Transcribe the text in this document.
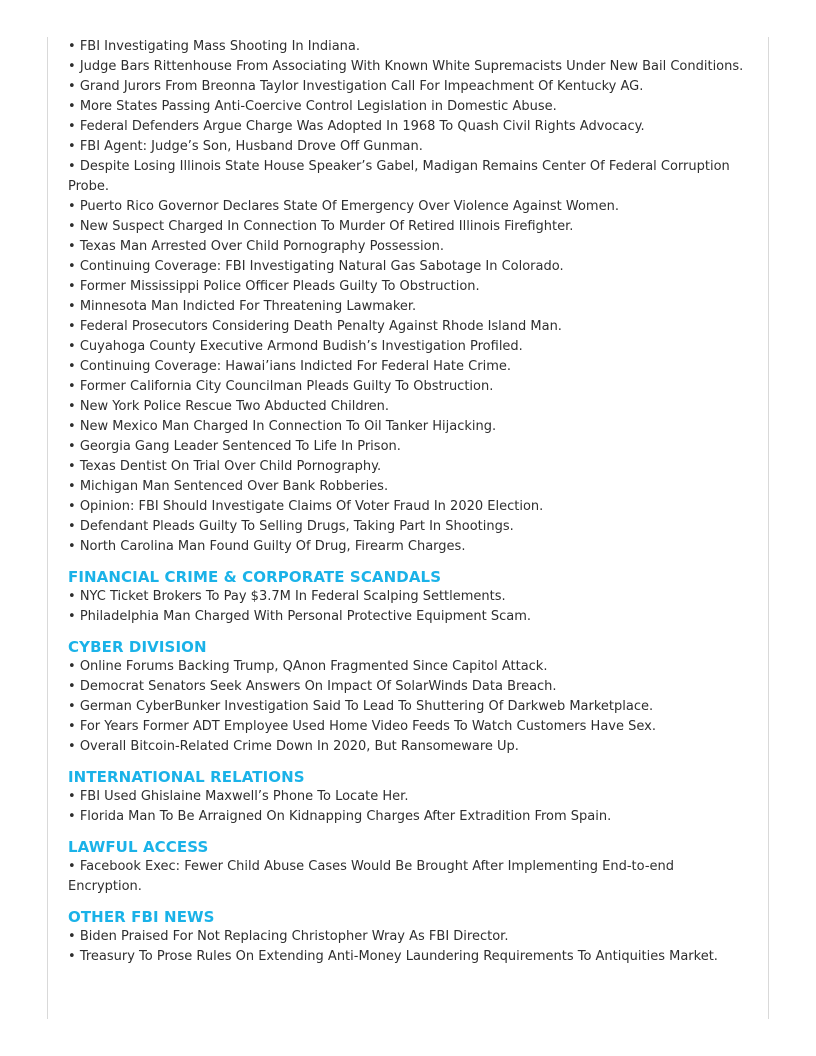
• FBI Investigating Mass Shooting In Indiana.

• Judge Bars Rittenhouse From Associating With Known White Supremacists Under New Bail Conditions.

• Grand Jurors From Breonna Taylor Investigation Call For Impeachment Of Kentucky AG.

• More States Passing Anti-Coercive Control Legislation in Domestic Abuse.

• Federal Defenders Argue Charge Was Adopted In 1968 To Quash Civil Rights Advocacy.

• FBI Agent: Judge’s Son, Husband Drove Off Gunman.

• Despite Losing Illinois State House Speaker’s Gabel, Madigan Remains Center Of Federal Corruption Probe.

• Puerto Rico Governor Declares State Of Emergency Over Violence Against Women.

• New Suspect Charged In Connection To Murder Of Retired Illinois Firefighter.

• Texas Man Arrested Over Child Pornography Possession.

• Continuing Coverage: FBI Investigating Natural Gas Sabotage In Colorado.

• Former Mississippi Police Officer Pleads Guilty To Obstruction.

• Minnesota Man Indicted For Threatening Lawmaker.

• Federal Prosecutors Considering Death Penalty Against Rhode Island Man.

• Cuyahoga County Executive Armond Budish’s Investigation Profiled.

• Continuing Coverage: Hawai’ians Indicted For Federal Hate Crime.

• Former California City Councilman Pleads Guilty To Obstruction.

• New York Police Rescue Two Abducted Children.

• New Mexico Man Charged In Connection To Oil Tanker Hijacking.

• Georgia Gang Leader Sentenced To Life In Prison.

• Texas Dentist On Trial Over Child Pornography.

• Michigan Man Sentenced Over Bank Robberies.

• Opinion: FBI Should Investigate Claims Of Voter Fraud In 2020 Election.

• Defendant Pleads Guilty To Selling Drugs, Taking Part In Shootings.

• North Carolina Man Found Guilty Of Drug, Firearm Charges.

FINANCIAL CRIME & CORPORATE SCANDALS

• NYC Ticket Brokers To Pay $3.7M In Federal Scalping Settlements.

• Philadelphia Man Charged With Personal Protective Equipment Scam.

CYBER DIVISION

• Online Forums Backing Trump, QAnon Fragmented Since Capitol Attack.

• Democrat Senators Seek Answers On Impact Of SolarWinds Data Breach.

• German CyberBunker Investigation Said To Lead To Shuttering Of Darkweb Marketplace.

• For Years Former ADT Employee Used Home Video Feeds To Watch Customers Have Sex.

• Overall Bitcoin-Related Crime Down In 2020, But Ransomeware Up.

INTERNATIONAL RELATIONS

• FBI Used Ghislaine Maxwell’s Phone To Locate Her.

• Florida Man To Be Arraigned On Kidnapping Charges After Extradition From Spain.

LAWFUL ACCESS

• Facebook Exec: Fewer Child Abuse Cases Would Be Brought After Implementing End-to-end Encryption.

OTHER FBI NEWS

• Biden Praised For Not Replacing Christopher Wray As FBI Director.

• Treasury To Prose Rules On Extending Anti-Money Laundering Requirements To Antiquities Market.
